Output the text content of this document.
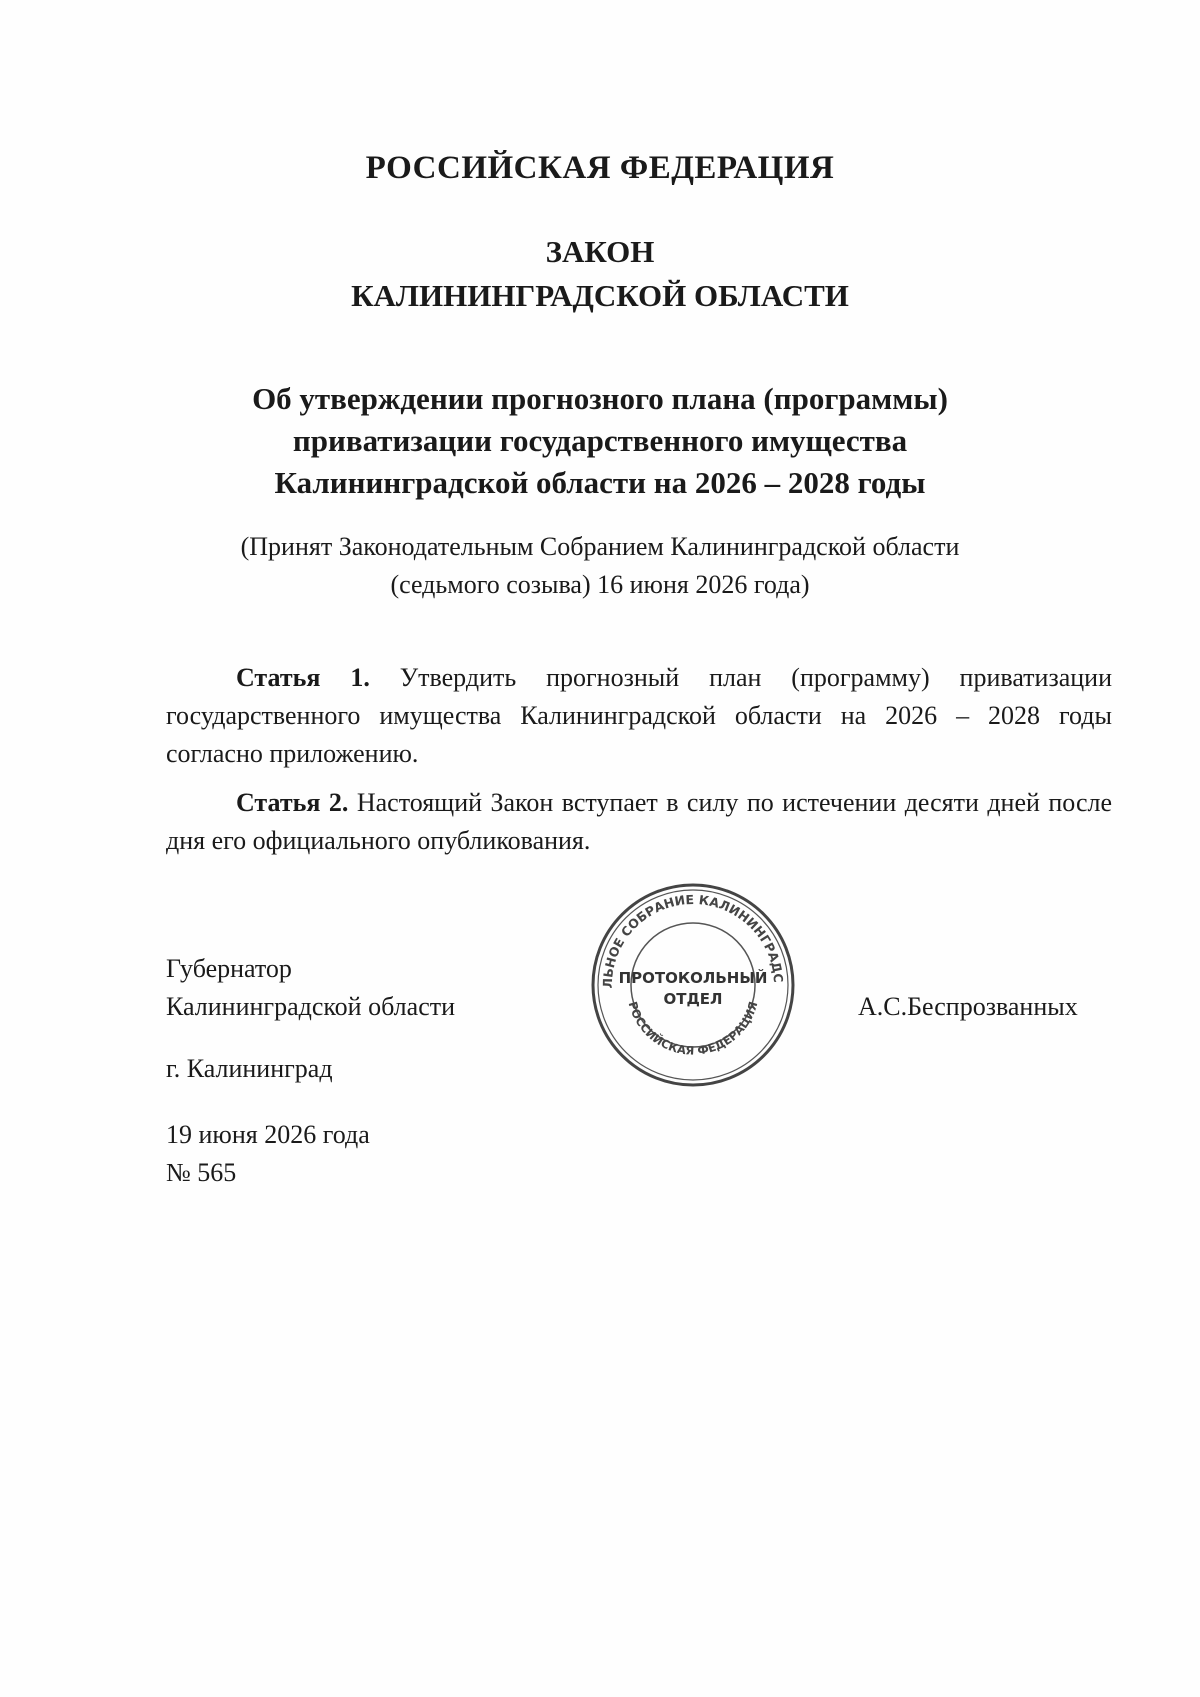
РОССИЙСКАЯ ФЕДЕРАЦИЯ
ЗАКОН
КАЛИНИНГРАДСКОЙ ОБЛАСТИ
Об утверждении прогнозного плана (программы)
приватизации государственного имущества
Калининградской области на 2026 – 2028 годы
(Принят Законодательным Собранием Калининградской области
(седьмого созыва) 16 июня 2026 года)
Статья 1. Утвердить прогнозный план (программу) приватизации государственного имущества Калининградской области на 2026 – 2028 годы согласно приложению.
Статья 2. Настоящий Закон вступает в силу по истечении десяти дней после дня его официального опубликования.
Губернатор
Калининградской области
ЛЬНОЕ СОБРАНИЕ КАЛИНИНГРАДС
РОССИЙСКАЯ ФЕДЕРАЦИЯ
ПРОТОКОЛЬНЫЙ
ОТДЕЛ	А.С.Беспрозванных
г. Калининград
19 июня 2026 года
№ 565
